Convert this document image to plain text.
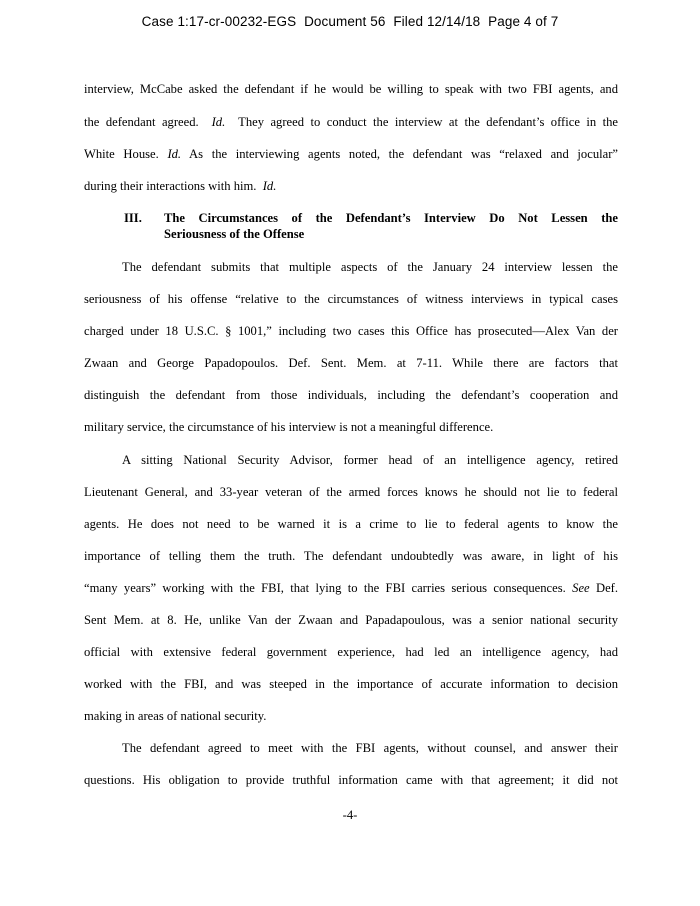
Case 1:17-cr-00232-EGS Document 56 Filed 12/14/18 Page 4 of 7
interview, McCabe asked the defendant if he would be willing to speak with two FBI agents, and
the defendant agreed. Id. They agreed to conduct the interview at the defendant’s office in the
White House. Id. As the interviewing agents noted, the defendant was “relaxed and jocular”
during their interactions with him. Id.
III. The Circumstances of the Defendant’s Interview Do Not Lessen the
Seriousness of the Offense
The defendant submits that multiple aspects of the January 24 interview lessen the
seriousness of his offense “relative to the circumstances of witness interviews in typical cases
charged under 18 U.S.C. § 1001,” including two cases this Office has prosecuted—Alex Van der
Zwaan and George Papadopoulos. Def. Sent. Mem. at 7-11. While there are factors that
distinguish the defendant from those individuals, including the defendant’s cooperation and
military service, the circumstance of his interview is not a meaningful difference.
A sitting National Security Advisor, former head of an intelligence agency, retired
Lieutenant General, and 33-year veteran of the armed forces knows he should not lie to federal
agents. He does not need to be warned it is a crime to lie to federal agents to know the
importance of telling them the truth. The defendant undoubtedly was aware, in light of his
“many years” working with the FBI, that lying to the FBI carries serious consequences. See Def.
Sent Mem. at 8. He, unlike Van der Zwaan and Papadapoulous, was a senior national security
official with extensive federal government experience, had led an intelligence agency, had
worked with the FBI, and was steeped in the importance of accurate information to decision
making in areas of national security.
The defendant agreed to meet with the FBI agents, without counsel, and answer their
questions. His obligation to provide truthful information came with that agreement; it did not
-4-
